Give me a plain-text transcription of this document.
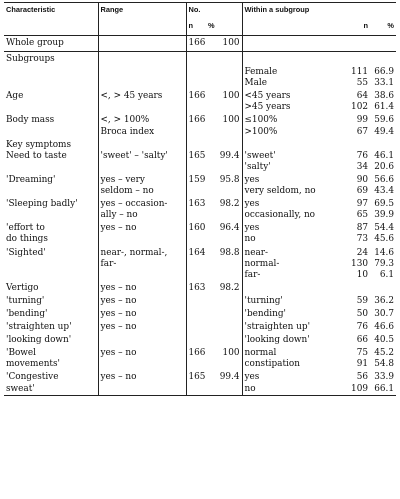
Characteristic	Range	No.
n	%	Within a subgroup	n	%

Whole group		166	100			
Subgroups						
				Female	111	66.9
				Male	55	33.1
Age	<, > 45 years	166	100	<45 years	64	38.6
				>45 years	102	61.4
Body mass	<, > 100%	166	100	≤100%	99	59.6
	Broca index			>100%	67	49.4
Key symptoms						
Need to taste	'sweet' – 'salty'	165	99.4	'sweet'	76	46.1
				'salty'	34	20.6
'Dreaming'	yes – very	159	95.8	yes	90	56.6
	seldom – no			very seldom, no	69	43.4
'Sleeping badly'	yes – occasion-	163	98.2	yes	97	69.5
	ally – no			occasionally, no	65	39.9
'effort to	yes – no	160	96.4	yes	87	54.4
do things				no	73	45.6
'Sighted'	near-, normal-,	164	98.8	near-	24	14.6
	far-			normal-	130	79.3
				far-	10	6.1
Vertigo	yes – no	163	98.2			
'turning'	yes – no			'turning'	59	36.2
'bending'	yes – no			'bending'	50	30.7
'straighten up'	yes – no			'straighten up'	76	46.6
'looking down'				'looking down'	66	40.5
'Bowel	yes – no	166	100	normal	75	45.2
movements'				constipation	91	54.8
'Congestive	yes – no	165	99.4	yes	56	33.9
sweat'				no	109	66.1
